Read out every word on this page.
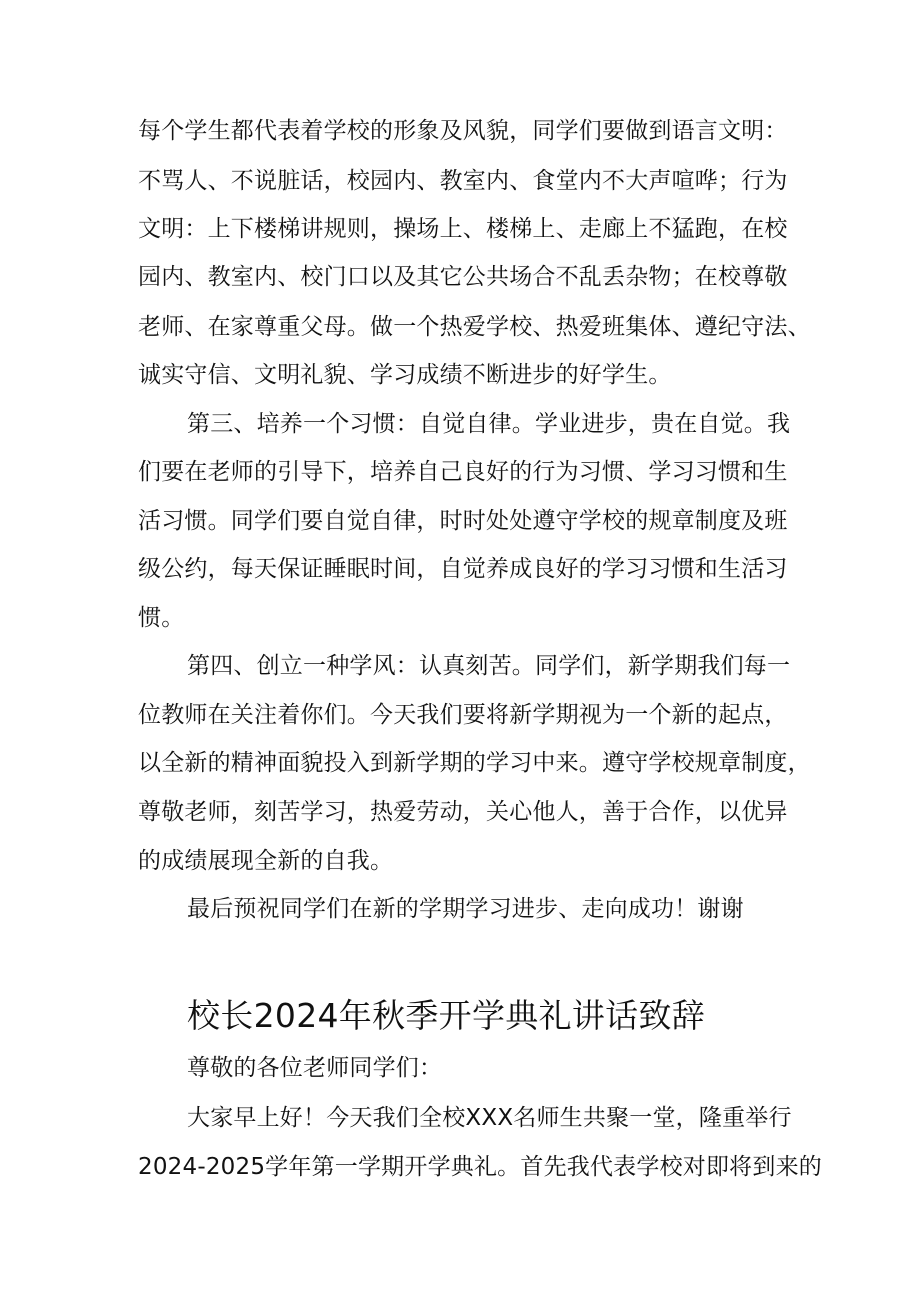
每个学生都代表着学校的形象及风貌，同学们要做到语言文明：
不骂人、不说脏话，校园内、教室内、食堂内不大声喧哗；行为
文明：上下楼梯讲规则，操场上、楼梯上、走廊上不猛跑，在校
园内、教室内、校门口以及其它公共场合不乱丢杂物；在校尊敬
老师、在家尊重父母。做一个热爱学校、热爱班集体、遵纪守法、
诚实守信、文明礼貌、学习成绩不断进步的好学生。
第三、培养一个习惯：自觉自律。学业进步，贵在自觉。我
们要在老师的引导下，培养自己良好的行为习惯、学习习惯和生
活习惯。同学们要自觉自律，时时处处遵守学校的规章制度及班
级公约，每天保证睡眠时间，自觉养成良好的学习习惯和生活习
惯。
第四、创立一种学风：认真刻苦。同学们，新学期我们每一
位教师在关注着你们。今天我们要将新学期视为一个新的起点，
以全新的精神面貌投入到新学期的学习中来。遵守学校规章制度，
尊敬老师，刻苦学习，热爱劳动，关心他人，善于合作，以优异
的成绩展现全新的自我。
最后预祝同学们在新的学期学习进步、走向成功！谢谢
校长2024年秋季开学典礼讲话致辞
尊敬的各位老师同学们：
大家早上好！今天我们全校XXX名师生共聚一堂，隆重举行
2024-2025学年第一学期开学典礼。首先我代表学校对即将到来的
